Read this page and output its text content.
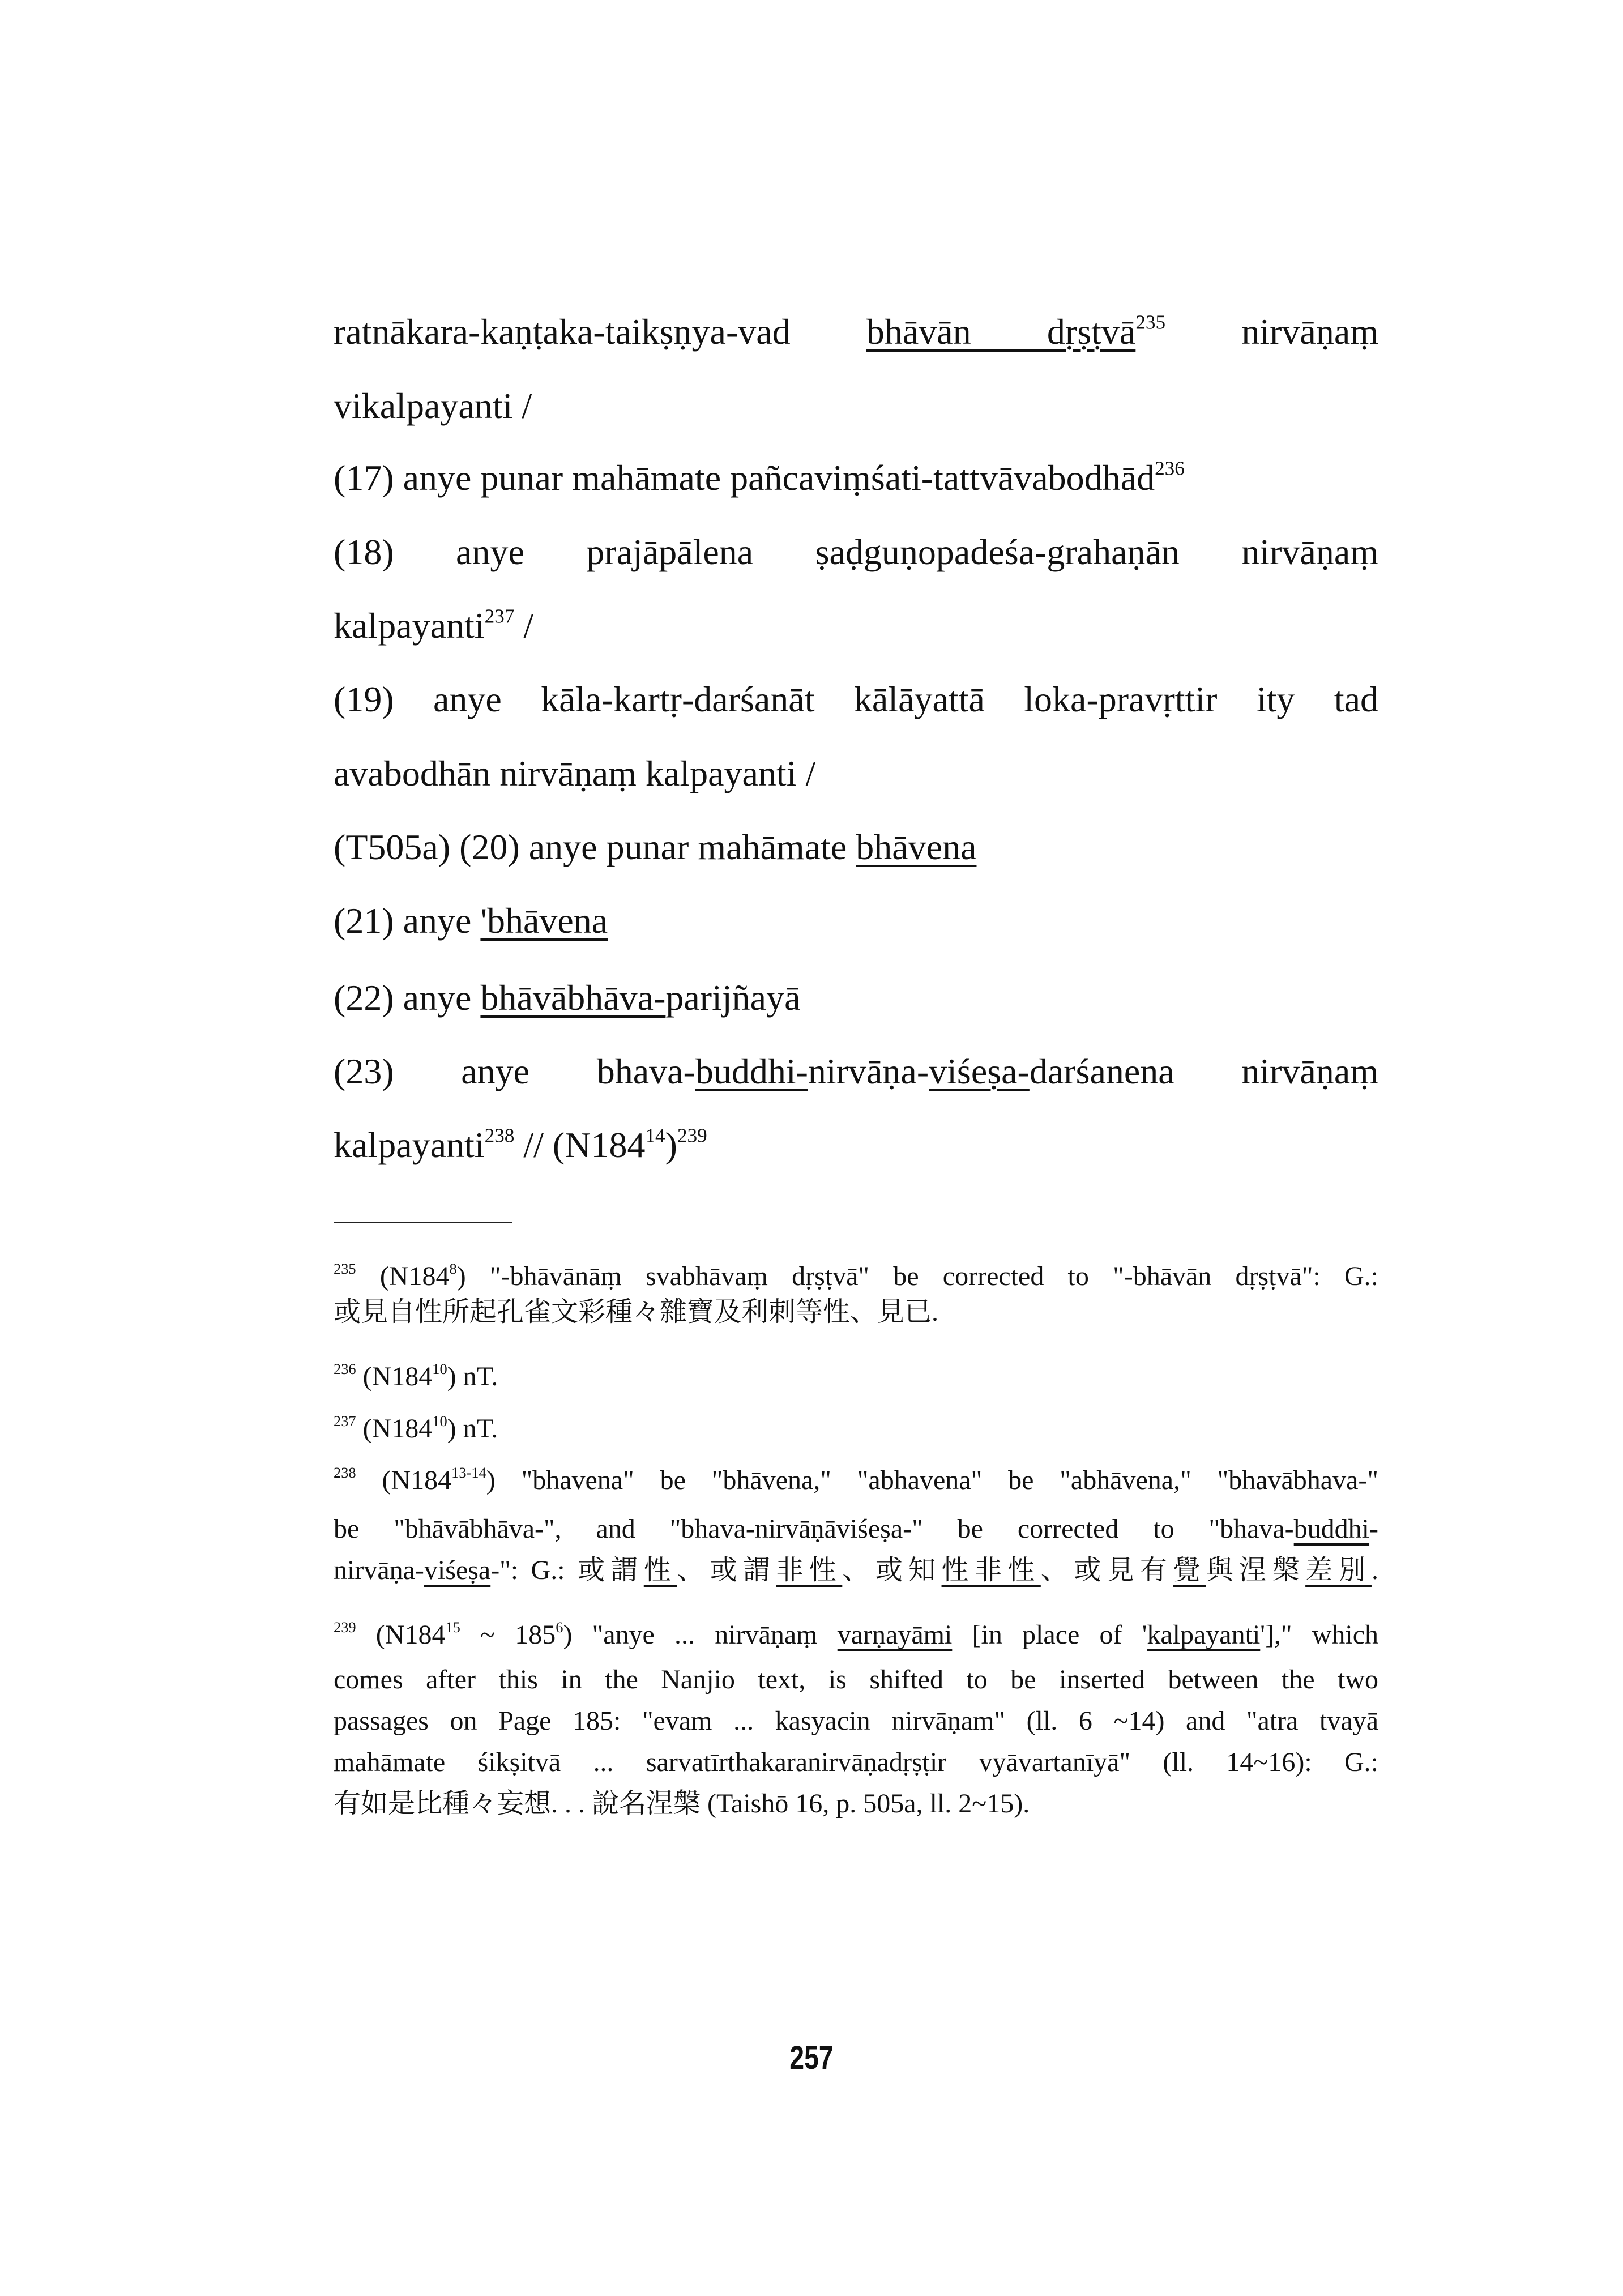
ratnākara-kaṇṭaka-taikṣṇya-vad bhāvān dṛṣṭvā$^{235}$ nirvāṇaṃ
vikalpayanti /
(17) anye punar mahāmate pañcaviṃśati-tattvāvabodhād$^{236}$
(18) anye prajāpālena ṣaḍguṇopadeśa-grahaṇān nirvāṇaṃ
kalpayanti$^{237}$ /
(19) anye kāla-kartṛ-darśanāt kālāyattā loka-pravṛttir ity tad
avabodhān nirvāṇaṃ kalpayanti /
(T505a) (20) anye punar mahāmate bhāvena
(21) anye 'bhāvena
(22) anye bhāvābhāva-parijñayā
(23) anye bhava-buddhi-nirvāṇa-viśeṣa-darśanena nirvāṇaṃ
kalpayanti$^{238}$ // $(N184^{14})^{239}$
$^{235}$ $(N184^8)$ "-bhāvānāṃ svabhāvaṃ dṛṣṭvā" be corrected to "-bhāvān dṛṣṭvā": G.:
或見自性所起孔雀文彩種々雜寶及利刺等性、見已.
$^{236}$ $(N184^{10})$ nT.
$^{237}$ $(N184^{10})$ nT.
$^{238}$ (N184$^{13-14}$) "bhavena" be "bhāvena," "abhavena" be "abhāvena," "bhavābhava-"
be "bhāvābhāva-", and "bhava-nirvāṇāviśeṣa-" be corrected to "bhava-buddhi-
nirvāṇa-viśeṣa-": G.: 或謂性、或謂非性、或知性非性、或見有覺與涅槃差別.
$^{239}$ ($N184^{15}$ ~ $185^6$) "anye ... nirvāṇaṃ varṇayāmi [in place of 'kalpayanti']," which
comes after this in the Nanjio text, is shifted to be inserted between the two
passages on Page 185: "evam ... kasyacin nirvāṇam" (ll. 6 ~14) and "atra tvayā
mahāmate śikṣitvā ... sarvatīrthakaranirvāṇadṛṣṭir vyāvartanīyā" (ll. 14~16): G.:
有如是比種々妄想. . . 說名涅槃 (Taishō 16, p. 505a, ll. 2~15).
257
